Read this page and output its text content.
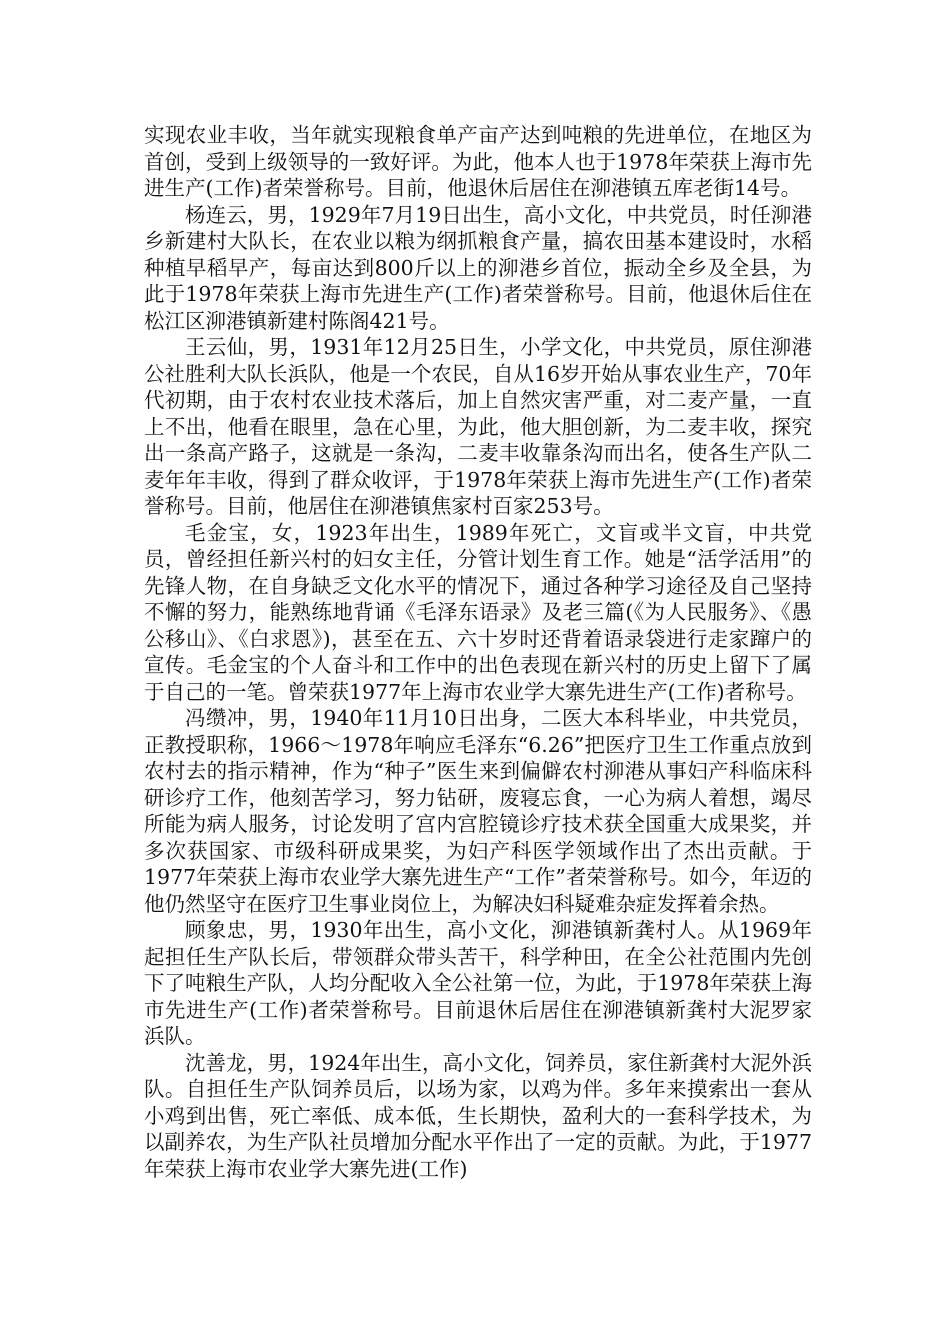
实现农业丰收，当年就实现粮食单产亩产达到吨粮的先进单位，在地区为首创，受到上级领导的一致好评。为此，他本人也于1978年荣获上海市先进生产(工作)者荣誉称号。目前，他退休后居住在泖港镇五库老街14号。

杨连云，男，1929年7月19日出生，高小文化，中共党员，时任泖港乡新建村大队长，在农业以粮为纲抓粮食产量，搞农田基本建设时，水稻种植早稻早产，每亩达到800斤以上的泖港乡首位，振动全乡及全县，为此于1978年荣获上海市先进生产(工作)者荣誉称号。目前，他退休后住在松江区泖港镇新建村陈阁421号。

王云仙，男，1931年12月25日生，小学文化，中共党员，原住泖港公社胜利大队长浜队，他是一个农民，自从16岁开始从事农业生产，70年代初期，由于农村农业技术落后，加上自然灾害严重，对二麦产量，一直上不出，他看在眼里，急在心里，为此，他大胆创新，为二麦丰收，探究出一条高产路子，这就是一条沟，二麦丰收靠条沟而出名，使各生产队二麦年年丰收，得到了群众收评，于1978年荣获上海市先进生产(工作)者荣誉称号。目前，他居住在泖港镇焦家村百家253号。

毛金宝，女，1923年出生，1989年死亡，文盲或半文盲，中共党员，曾经担任新兴村的妇女主任，分管计划生育工作。她是“活学活用”的先锋人物，在自身缺乏文化水平的情况下，通过各种学习途径及自己坚持不懈的努力，能熟练地背诵《毛泽东语录》及老三篇(《为人民服务》、《愚公移山》、《白求恩》)，甚至在五、六十岁时还背着语录袋进行走家蹿户的宣传。毛金宝的个人奋斗和工作中的出色表现在新兴村的历史上留下了属于自己的一笔。曾荣获1977年上海市农业学大寨先进生产(工作)者称号。

冯缵冲，男，1940年11月10日出身，二医大本科毕业，中共党员，正教授职称，1966～1978年响应毛泽东“6.26”把医疗卫生工作重点放到农村去的指示精神，作为“种子”医生来到偏僻农村泖港从事妇产科临床科研诊疗工作，他刻苦学习，努力钻研，废寝忘食，一心为病人着想，竭尽所能为病人服务，讨论发明了宫内宫腔镜诊疗技术获全国重大成果奖，并多次获国家、市级科研成果奖，为妇产科医学领域作出了杰出贡献。于1977年荣获上海市农业学大寨先进生产“工作”者荣誉称号。如今，年迈的他仍然坚守在医疗卫生事业岗位上，为解决妇科疑难杂症发挥着余热。

顾象忠，男，1930年出生，高小文化，泖港镇新龚村人。从1969年起担任生产队长后，带领群众带头苦干，科学种田，在全公社范围内先创下了吨粮生产队，人均分配收入全公社第一位，为此，于1978年荣获上海市先进生产(工作)者荣誉称号。目前退休后居住在泖港镇新龚村大泥罗家浜队。

沈善龙，男，1924年出生，高小文化，饲养员，家住新龚村大泥外浜队。自担任生产队饲养员后，以场为家，以鸡为伴。多年来摸索出一套从小鸡到出售，死亡率低、成本低，生长期快，盈利大的一套科学技术，为以副养农，为生产队社员增加分配水平作出了一定的贡献。为此，于1977年荣获上海市农业学大寨先进(工作)
